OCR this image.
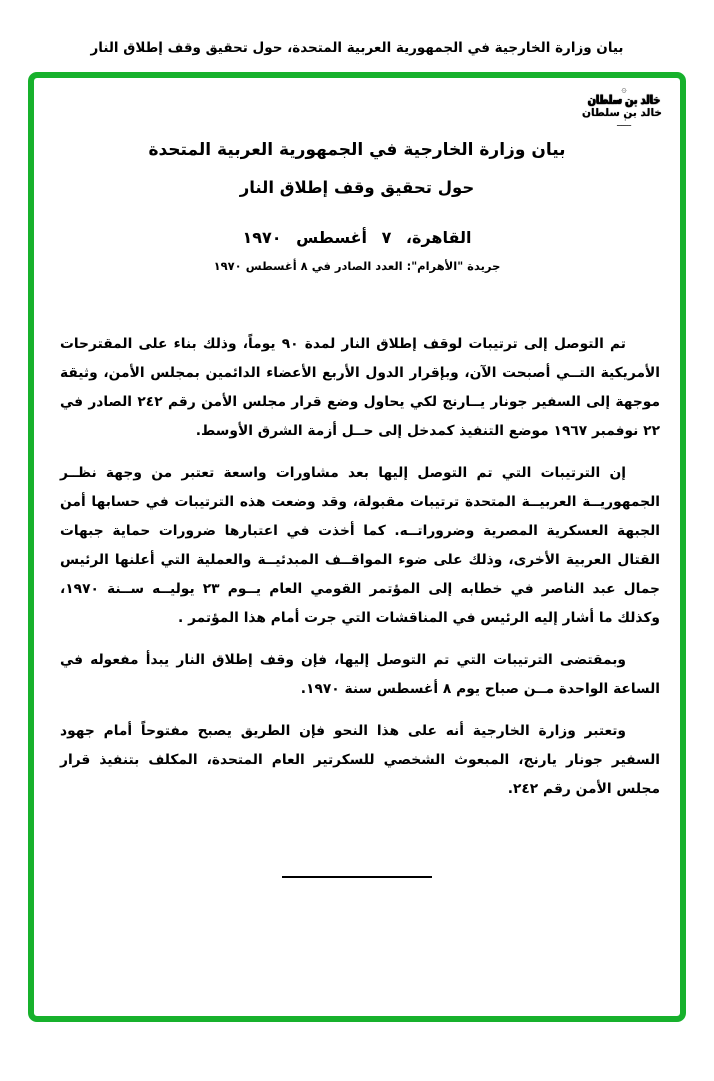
بيان وزارة الخارجية في الجمهورية العربية المتحدة، حول تحقيق وقف إطلاق النار
۞
خالد بن سلطان
خالد بن سلطان
ـــٰـــ
بيان وزارة الخارجية في الجمهورية العربية المتحدة
حول تحقيق وقف إطلاق النار
القاهرة، ٧ أغسطس ١٩٧٠
جريدة "الأهرام": العدد الصادر في ٨ أغسطس ١٩٧٠

تم التوصل إلى ترتيبات لوقف إطلاق النار لمدة ٩٠ يوماً، وذلك بناء على المقترحات الأمريكية التــي أصبحت الآن، وبإقرار الدول الأربع الأعضاء الدائمين بمجلس الأمن، وثيقة موجهة إلى السفير جونار يــارنج لكي يحاول وضع قرار مجلس الأمن رقم ٢٤٢ الصادر في ٢٢ نوفمبر ١٩٦٧ موضع التنفيذ كمدخل إلى حــل أزمة الشرق الأوسط.

إن الترتيبات التي تم التوصل إليها بعد مشاورات واسعة تعتبر من وجهة نظــر الجمهوريــة العربيــة المتحدة ترتيبات مقبولة، وقد وضعت هذه الترتيبات في حسابها أمن الجبهة العسكرية المصرية وضروراتــه. كما أخذت في اعتبارها ضرورات حماية جبهات القتال العربية الأخرى، وذلك على ضوء المواقــف المبدئيــة والعملية التي أعلنها الرئيس جمال عبد الناصر في خطابه إلى المؤتمر القومي العام يــوم ٢٣ يوليــه ســنة ١٩٧٠، وكذلك ما أشار إليه الرئيس في المناقشات التي جرت أمام هذا المؤتمر .

وبمقتضى الترتيبات التي تم التوصل إليها، فإن وقف إطلاق النار يبدأ مفعوله في الساعة الواحدة مــن صباح يوم ٨ أغسطس سنة ١٩٧٠.

وتعتبر وزارة الخارجية أنه على هذا النحو فإن الطريق يصبح مفتوحاً أمام جهود السفير جونار يارنج، المبعوث الشخصي للسكرتير العام المتحدة، المكلف بتنفيذ قرار مجلس الأمن رقم ٢٤٢.
